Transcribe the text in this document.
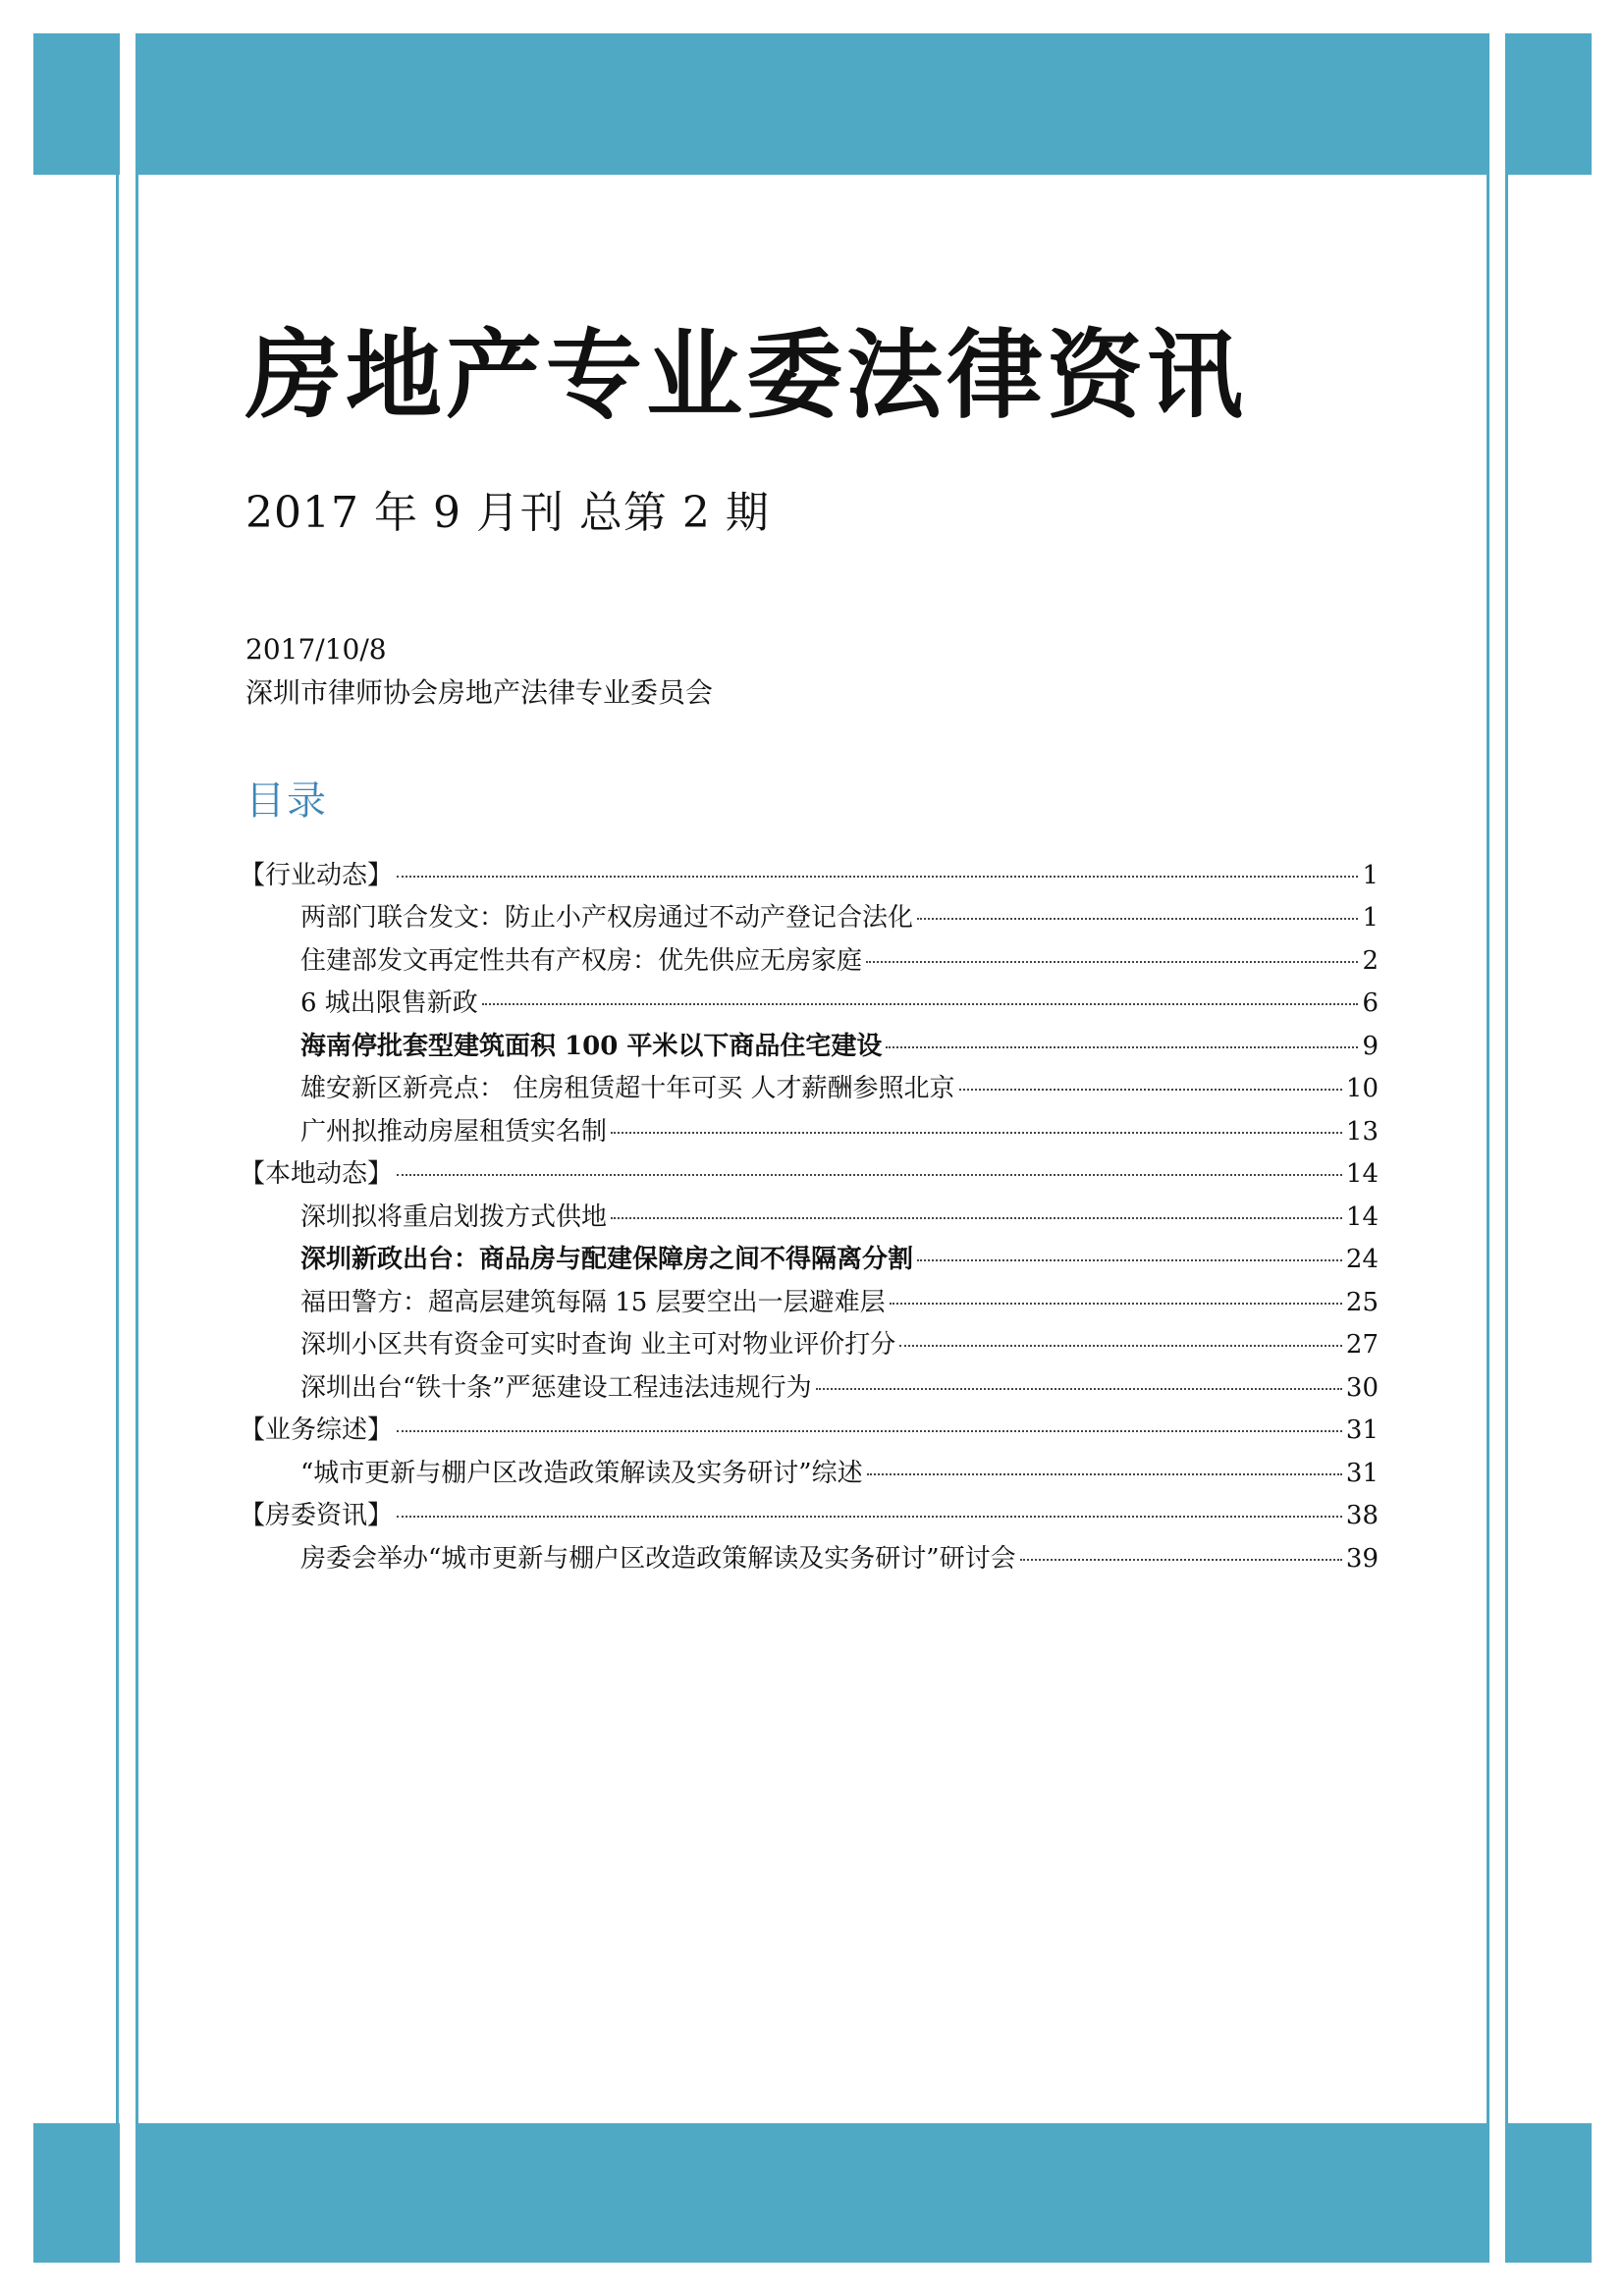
房地产专业委法律资讯
2017 年 9 月刊 总第 2 期
2017/10/8
深圳市律师协会房地产法律专业委员会
目录
【行业动态】	1
两部门联合发文：防止小产权房通过不动产登记合法化	1
住建部发文再定性共有产权房：优先供应无房家庭	2
6 城出限售新政	6
海南停批套型建筑面积 100 平米以下商品住宅建设	9
雄安新区新亮点： 住房租赁超十年可买 人才薪酬参照北京	10
广州拟推动房屋租赁实名制	13
【本地动态】	14
深圳拟将重启划拨方式供地	14
深圳新政出台：商品房与配建保障房之间不得隔离分割	24
福田警方：超高层建筑每隔 15 层要空出一层避难层	25
深圳小区共有资金可实时查询 业主可对物业评价打分	27
深圳出台“铁十条”严惩建设工程违法违规行为	30
【业务综述】	31
“城市更新与棚户区改造政策解读及实务研讨”综述	31
【房委资讯】	38
房委会举办“城市更新与棚户区改造政策解读及实务研讨”研讨会	39
